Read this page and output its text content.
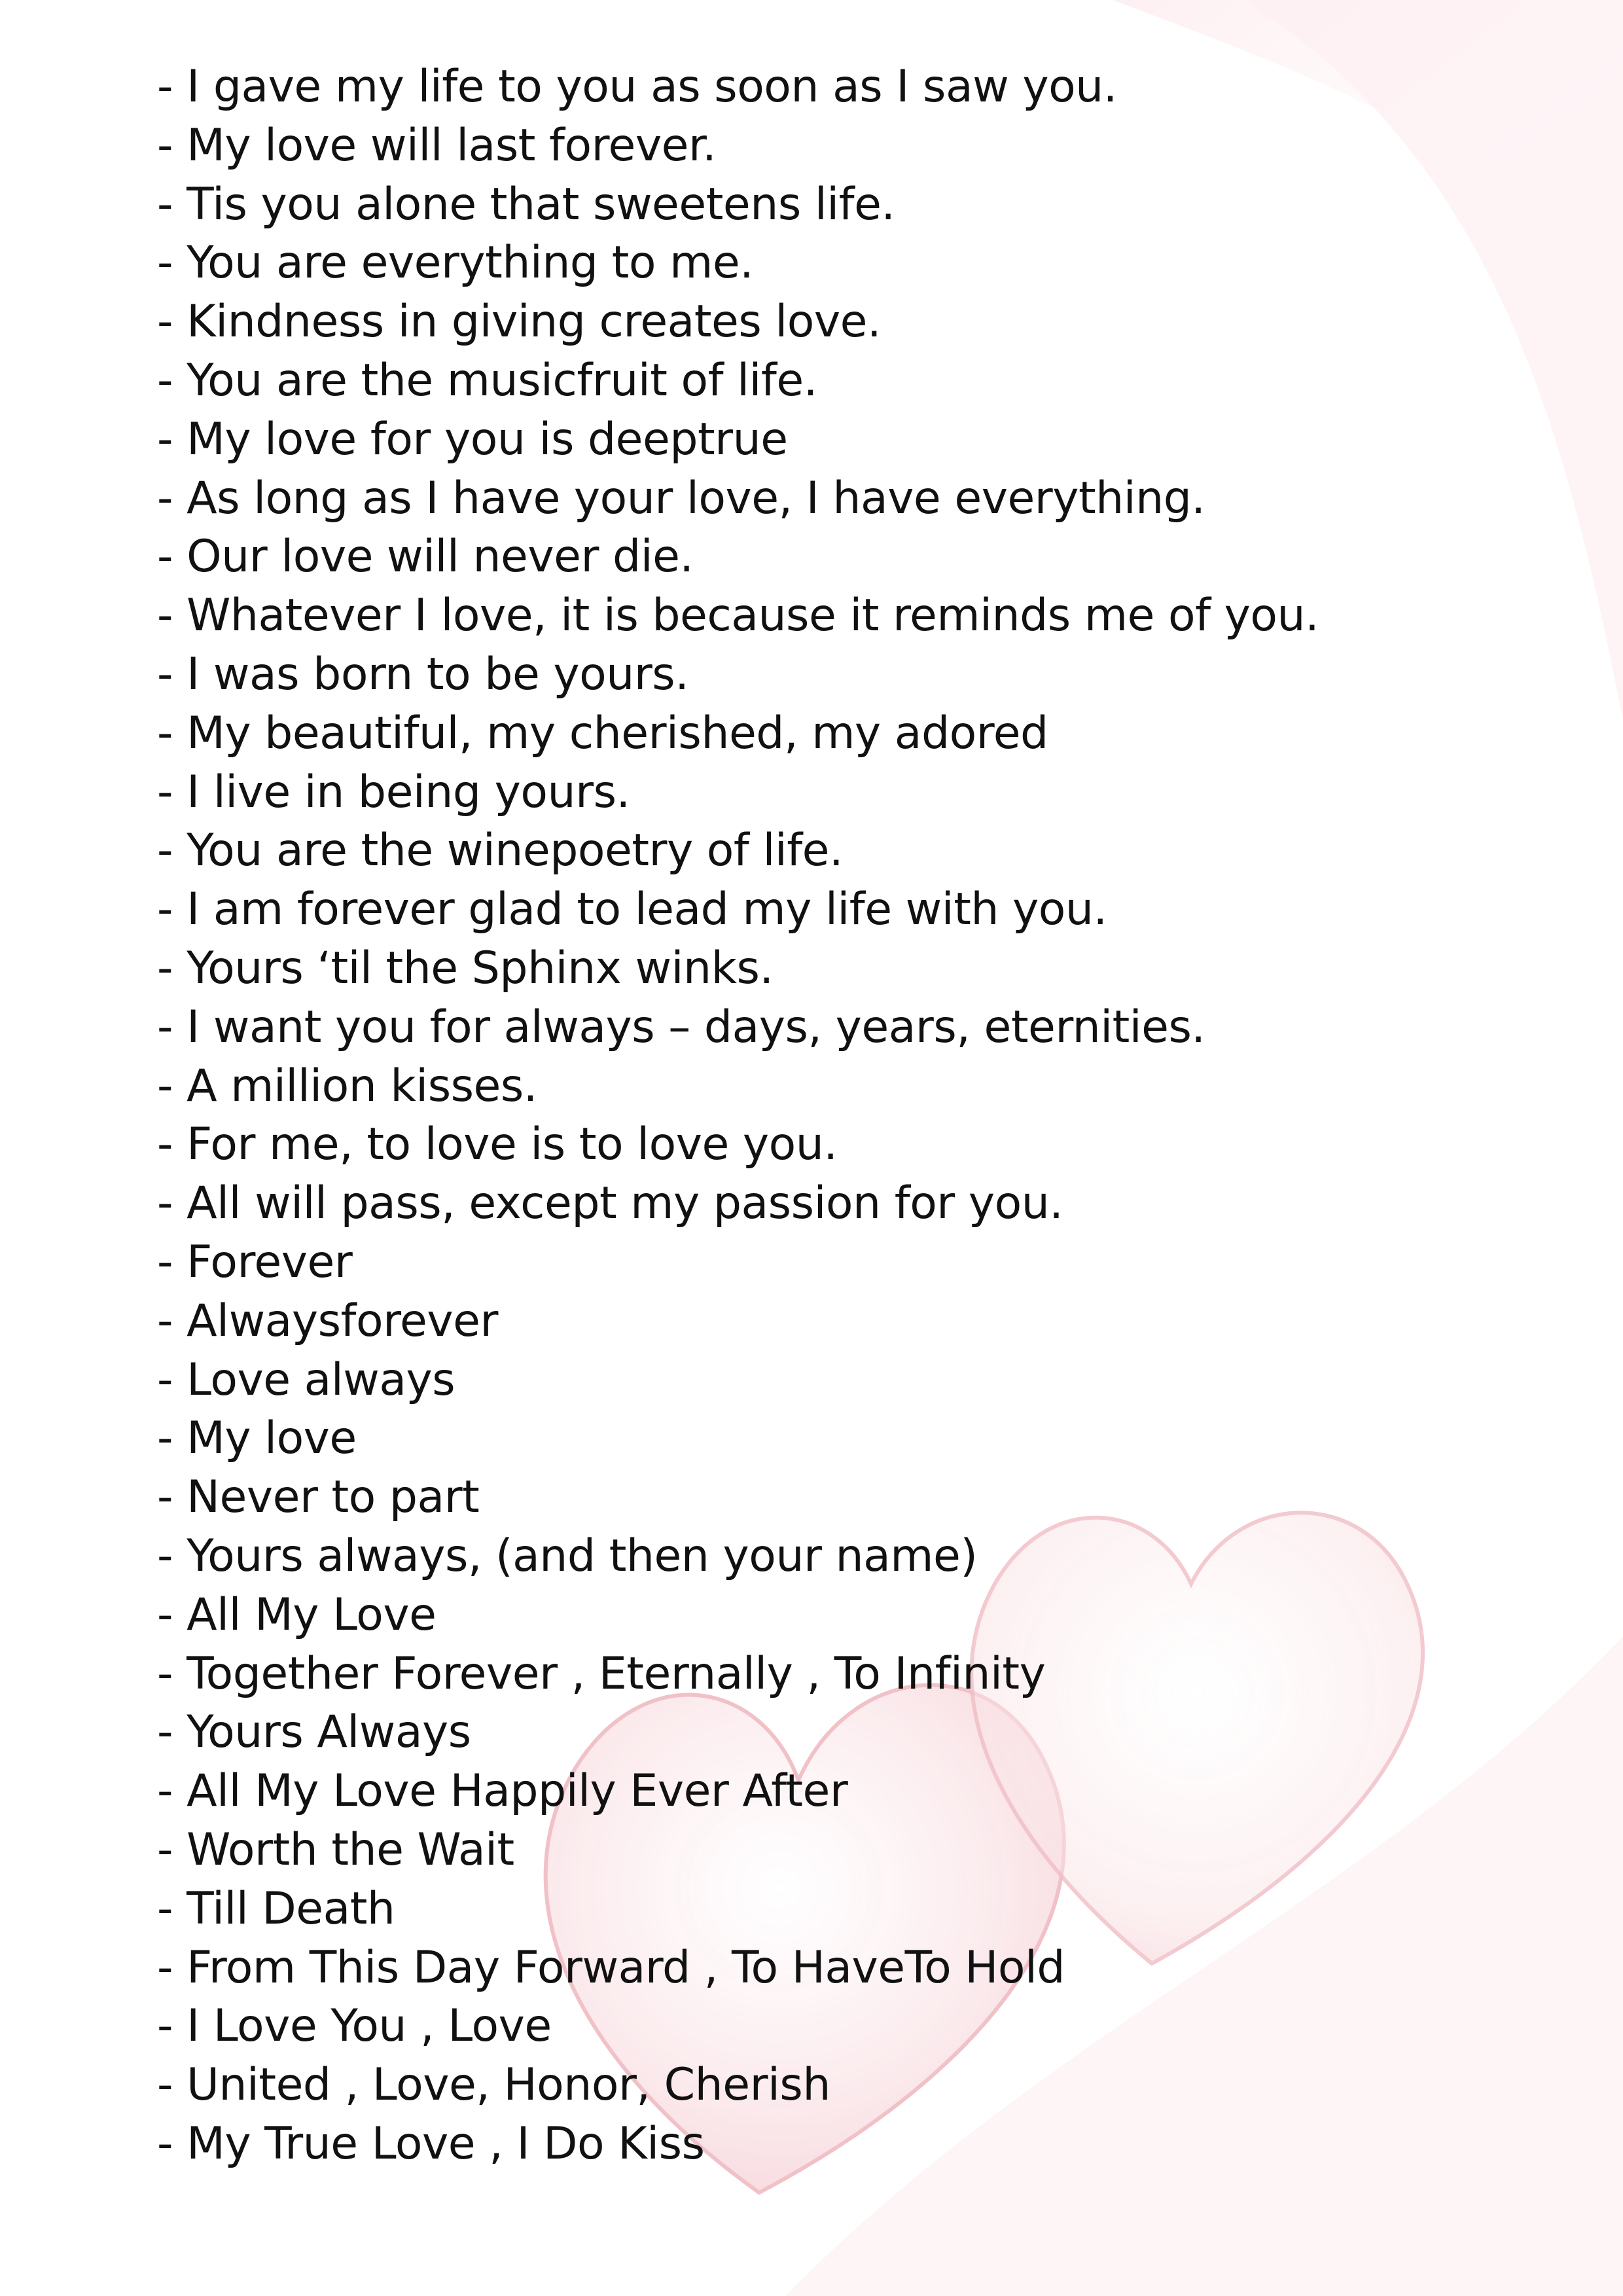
- I gave my life to you as soon as I saw you.
- My love will last forever.
- Tis you alone that sweetens life.
- You are everything to me.
- Kindness in giving creates love.
- You are the musicfruit of life.
- My love for you is deeptrue
- As long as I have your love, I have everything.
- Our love will never die.
- Whatever I love, it is because it reminds me of you.
- I was born to be yours.
- My beautiful, my cherished, my adored
- I live in being yours.
- You are the winepoetry of life.
- I am forever glad to lead my life with you.
- Yours ‘til the Sphinx winks.
- I want you for always – days, years, eternities.
- A million kisses.
- For me, to love is to love you.
- All will pass, except my passion for you.
- Forever
- Alwaysforever
- Love always
- My love
- Never to part
- Yours always, (and then your name)
- All My Love
- Together Forever , Eternally , To Infinity
- Yours Always
- All My Love Happily Ever After
- Worth the Wait
- Till Death
- From This Day Forward , To HaveTo Hold
- I Love You , Love
- United , Love, Honor, Cherish
- My True Love , I Do Kiss
